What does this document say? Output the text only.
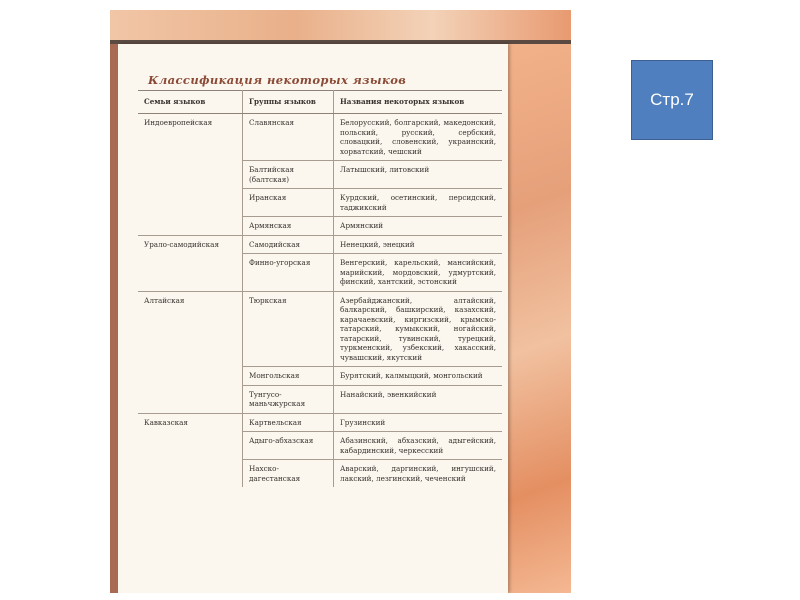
Классификация некоторых языков
Семьи языков	Группы языков	Названия некоторых языков
Индоевропейская	Славянская	Белорусский, болгарский, македонский, польский, русский, сербский, словацкий, словенский, украинский, хорватский, чешский
	Балтийская (балтская)	Латышский, литовский
	Иранская	Курдский, осетинский, персидский, таджикский
	Армянская	Армянский
Урало-самодийская	Самодийская	Ненецкий, энецкий
	Финно-угорская	Венгерский, карельский, мансийский, марийский, мордовский, удмуртский, финский, хантский, эстонский
Алтайская	Тюркская	Азербайджанский, алтайский, балкарский, башкирский, казахский, карачаевский, киргизский, крымско-татарский, кумыкский, ногайский, татарский, тувинский, турецкий, туркменский, узбекский, хакасский, чувашский, якутский
	Монгольская	Бурятский, калмыцкий, монгольский
	Тунгусо-маньчжурская	Нанайский, эвенкийский
Кавказская	Картвельская	Грузинский
	Адыго-абхазская	Абазинский, абхазский, адыгейский, кабардинский, черкесский
	Нахско-дагестанская	Аварский, даргинский, ингушский, лакский, лезгинский, чеченский
Стр.7
